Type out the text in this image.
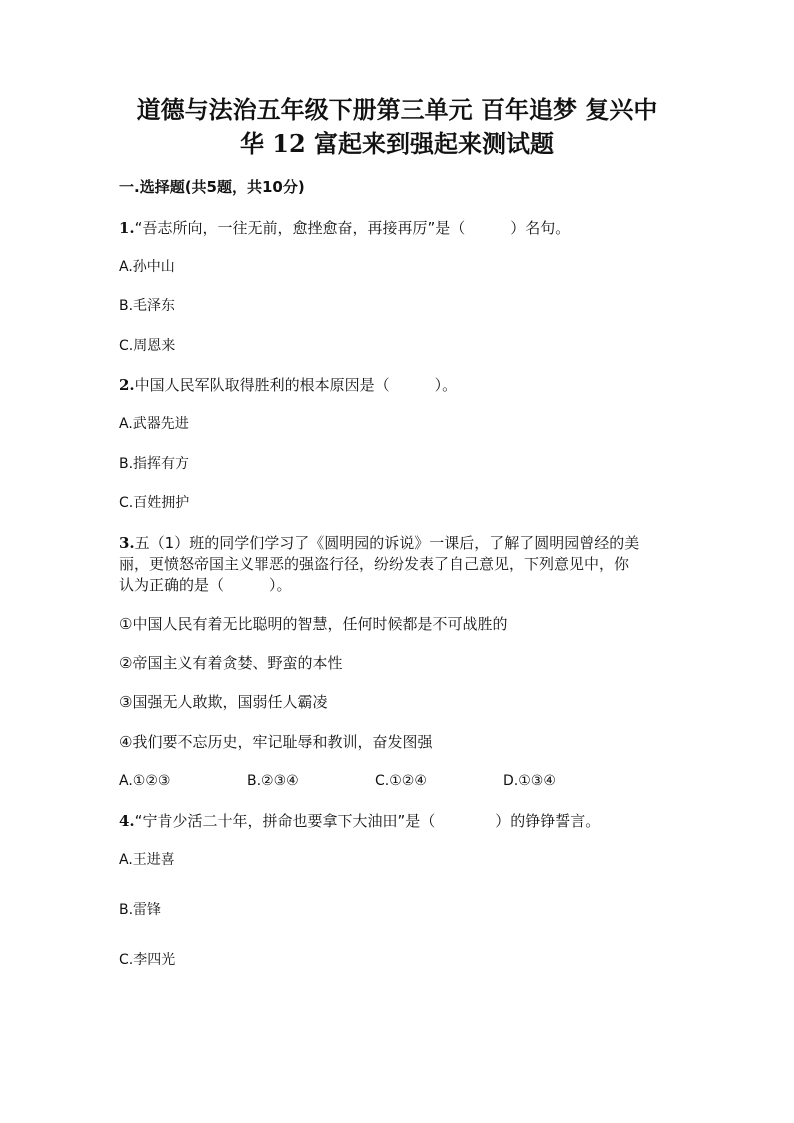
道德与法治五年级下册第三单元 百年追梦 复兴中
华 12 富起来到强起来测试题
一.选择题(共5题，共10分)
1.“吾志所向，一往无前，愈挫愈奋，再接再厉”是（　　　）名句。
A.孙中山
B.毛泽东
C.周恩来
2.中国人民军队取得胜利的根本原因是（　　　）。
A.武器先进
B.指挥有方
C.百姓拥护
3.五（1）班的同学们学习了《圆明园的诉说》一课后，了解了圆明园曾经的美
丽，更愤怒帝国主义罪恶的强盗行径，纷纷发表了自己意见，下列意见中，你
认为正确的是（　　　）。
①中国人民有着无比聪明的智慧，任何时候都是不可战胜的
②帝国主义有着贪婪、野蛮的本性
③国强无人敢欺，国弱任人霸凌
④我们要不忘历史，牢记耻辱和教训，奋发图强
A.①②③	B.②③④	C.①②④	D.①③④
4.“宁肯少活二十年，拼命也要拿下大油田”是（　　　　）的铮铮誓言。
A.王进喜
B.雷锋
C.李四光
